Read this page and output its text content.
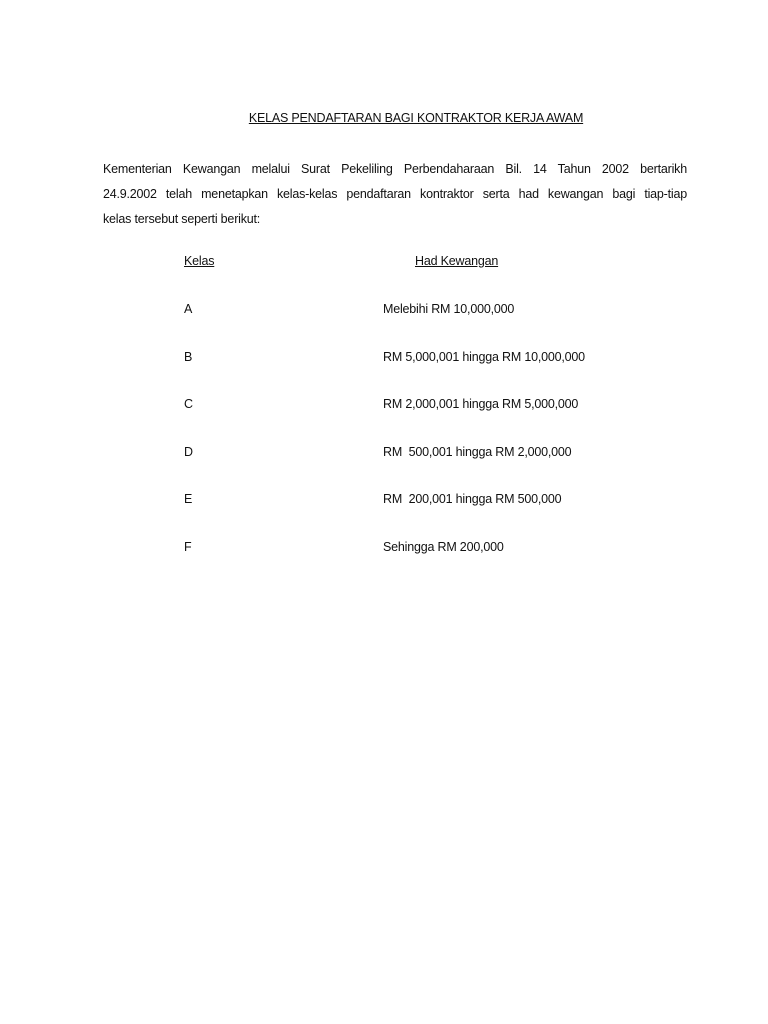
KELAS PENDAFTARAN BAGI KONTRAKTOR KERJA AWAM
Kementerian Kewangan melalui Surat Pekeliling Perbendaharaan Bil. 14 Tahun 2002 bertarikh
24.9.2002 telah menetapkan kelas-kelas pendaftaran kontraktor serta had kewangan bagi tiap-tiap
kelas tersebut seperti berikut:
Kelas	Had Kewangan
A	Melebihi RM 10,000,000
B	RM 5,000,001 hingga RM 10,000,000
C	RM 2,000,001 hingga RM 5,000,000
D	RM  500,001 hingga RM 2,000,000
E	RM  200,001 hingga RM 500,000
F	Sehingga RM 200,000
